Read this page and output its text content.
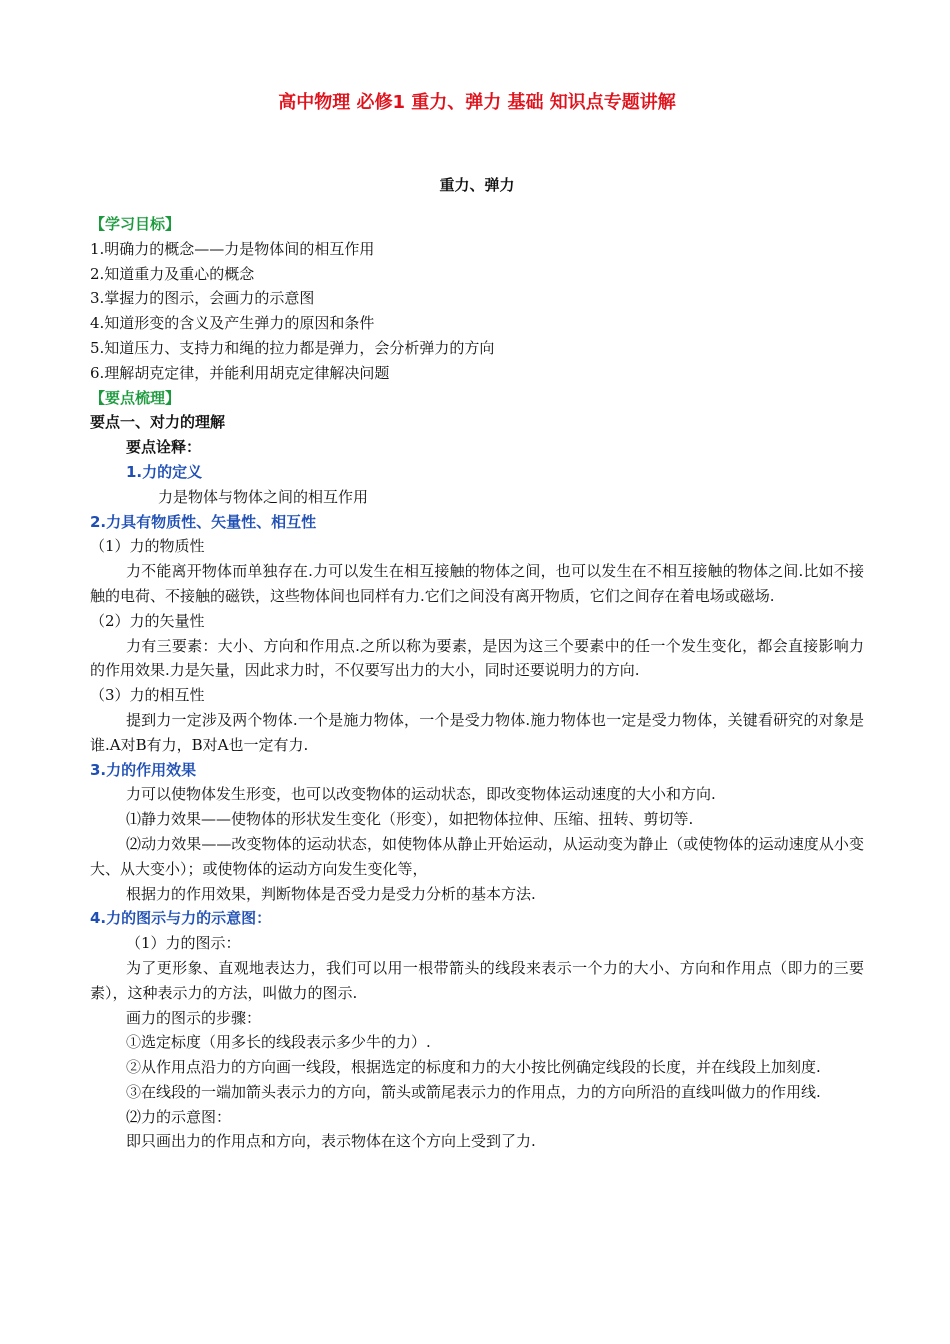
高中物理 必修1 重力、弹力 基础 知识点专题讲解

重力、弹力

【学习目标】

1.明确力的概念——力是物体间的相互作用

2.知道重力及重心的概念

3.掌握力的图示，会画力的示意图

4.知道形变的含义及产生弹力的原因和条件

5.知道压力、支持力和绳的拉力都是弹力，会分析弹力的方向

6.理解胡克定律，并能利用胡克定律解决问题

【要点梳理】

要点一、对力的理解

要点诠释：

1.力的定义

力是物体与物体之间的相互作用

2.力具有物质性、矢量性、相互性

（1）力的物质性

力不能离开物体而单独存在.力可以发生在相互接触的物体之间，也可以发生在不相互接触的物体之间.比如不接触的电荷、不接触的磁铁，这些物体间也同样有力.它们之间没有离开物质，它们之间存在着电场或磁场.

（2）力的矢量性

力有三要素：大小、方向和作用点.之所以称为要素，是因为这三个要素中的任一个发生变化，都会直接影响力的作用效果.力是矢量，因此求力时，不仅要写出力的大小，同时还要说明力的方向.

（3）力的相互性

提到力一定涉及两个物体.一个是施力物体，一个是受力物体.施力物体也一定是受力物体，关键看研究的对象是谁.A对B有力，B对A也一定有力.

3.力的作用效果

力可以使物体发生形变，也可以改变物体的运动状态，即改变物体运动速度的大小和方向.

⑴静力效果——使物体的形状发生变化（形变），如把物体拉伸、压缩、扭转、剪切等.

⑵动力效果——改变物体的运动状态，如使物体从静止开始运动，从运动变为静止（或使物体的运动速度从小变大、从大变小）；或使物体的运动方向发生变化等，

根据力的作用效果，判断物体是否受力是受力分析的基本方法.

4.力的图示与力的示意图：

（1）力的图示：

为了更形象、直观地表达力，我们可以用一根带箭头的线段来表示一个力的大小、方向和作用点（即力的三要素），这种表示力的方法，叫做力的图示.

画力的图示的步骤：

①选定标度（用多长的线段表示多少牛的力）.

②从作用点沿力的方向画一线段，根据选定的标度和力的大小按比例确定线段的长度，并在线段上加刻度.

③在线段的一端加箭头表示力的方向，箭头或箭尾表示力的作用点，力的方向所沿的直线叫做力的作用线.

⑵力的示意图：

即只画出力的作用点和方向，表示物体在这个方向上受到了力.
